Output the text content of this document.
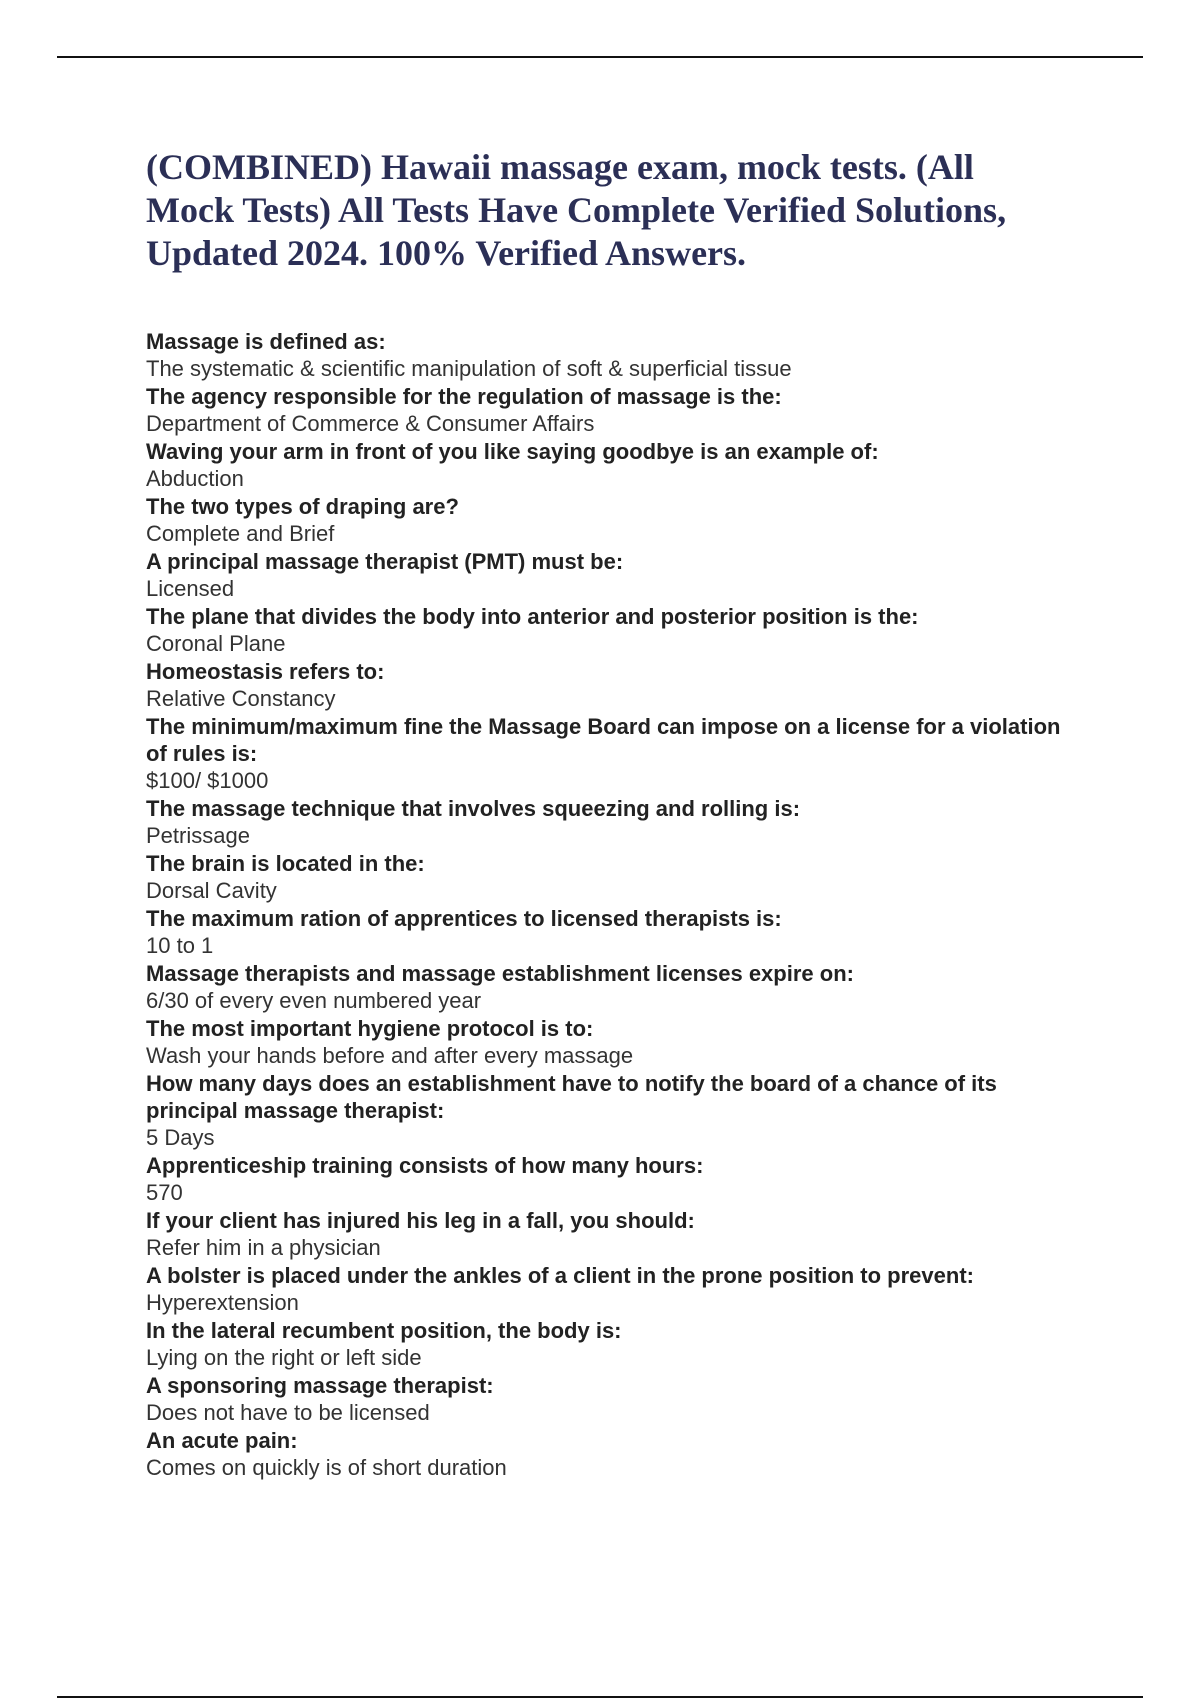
(COMBINED) Hawaii massage exam, mock tests. (All Mock Tests) All Tests Have Complete Verified Solutions, Updated 2024. 100% Verified Answers.
Massage is defined as:
The systematic & scientific manipulation of soft & superficial tissue
The agency responsible for the regulation of massage is the:
Department of Commerce & Consumer Affairs
Waving your arm in front of you like saying goodbye is an example of:
Abduction
The two types of draping are?
Complete and Brief
A principal massage therapist (PMT) must be:
Licensed
The plane that divides the body into anterior and posterior position is the:
Coronal Plane
Homeostasis refers to:
Relative Constancy
The minimum/maximum fine the Massage Board can impose on a license for a violation of rules is:
$100/ $1000
The massage technique that involves squeezing and rolling is:
Petrissage
The brain is located in the:
Dorsal Cavity
The maximum ration of apprentices to licensed therapists is:
10 to 1
Massage therapists and massage establishment licenses expire on:
6/30 of every even numbered year
The most important hygiene protocol is to:
Wash your hands before and after every massage
How many days does an establishment have to notify the board of a chance of its principal massage therapist:
5 Days
Apprenticeship training consists of how many hours:
570
If your client has injured his leg in a fall, you should:
Refer him in a physician
A bolster is placed under the ankles of a client in the prone position to prevent:
Hyperextension
In the lateral recumbent position, the body is:
Lying on the right or left side
A sponsoring massage therapist:
Does not have to be licensed
An acute pain:
Comes on quickly is of short duration
